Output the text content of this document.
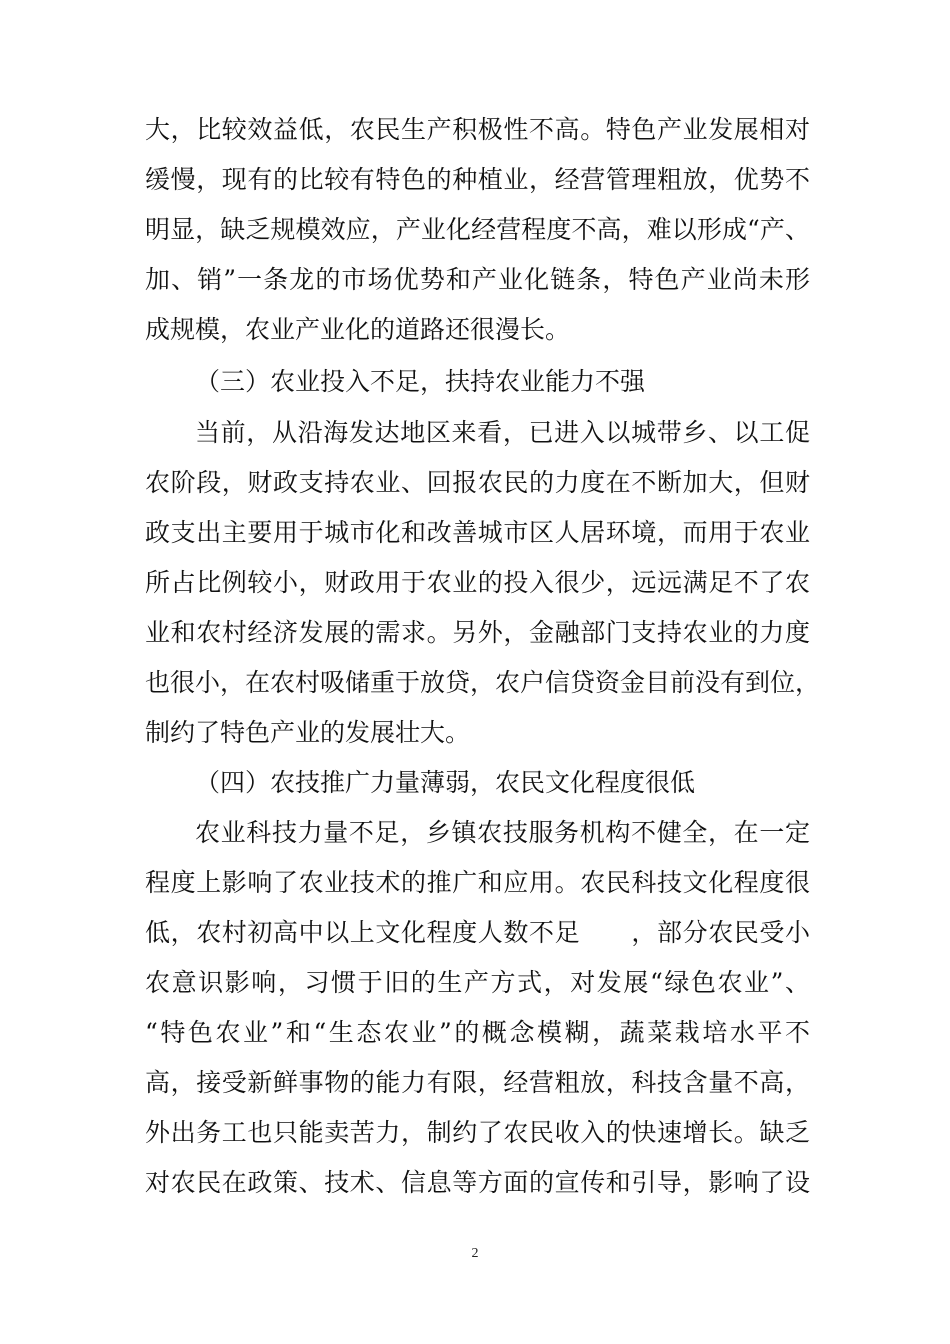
大，比较效益低，农民生产积极性不高。特色产业发展相对
缓慢，现有的比较有特色的种植业，经营管理粗放，优势不
明显，缺乏规模效应，产业化经营程度不高，难以形成“产、
加、销”一条龙的市场优势和产业化链条，特色产业尚未形
成规模，农业产业化的道路还很漫长。
（三）农业投入不足，扶持农业能力不强
当前，从沿海发达地区来看，已进入以城带乡、以工促
农阶段，财政支持农业、回报农民的力度在不断加大，但财
政支出主要用于城市化和改善城市区人居环境，而用于农业
所占比例较小，财政用于农业的投入很少，远远满足不了农
业和农村经济发展的需求。另外，金融部门支持农业的力度
也很小，在农村吸储重于放贷，农户信贷资金目前没有到位，
制约了特色产业的发展壮大。
（四）农技推广力量薄弱，农民文化程度很低
农业科技力量不足，乡镇农技服务机构不健全，在一定
程度上影响了农业技术的推广和应用。农民科技文化程度很
低，农村初高中以上文化程度人数不足　　，部分农民受小
农意识影响，习惯于旧的生产方式，对发展“绿色农业”、
“特色农业”和“生态农业”的概念模糊，蔬菜栽培水平不
高，接受新鲜事物的能力有限，经营粗放，科技含量不高，
外出务工也只能卖苦力，制约了农民收入的快速增长。缺乏
对农民在政策、技术、信息等方面的宣传和引导，影响了设
2
